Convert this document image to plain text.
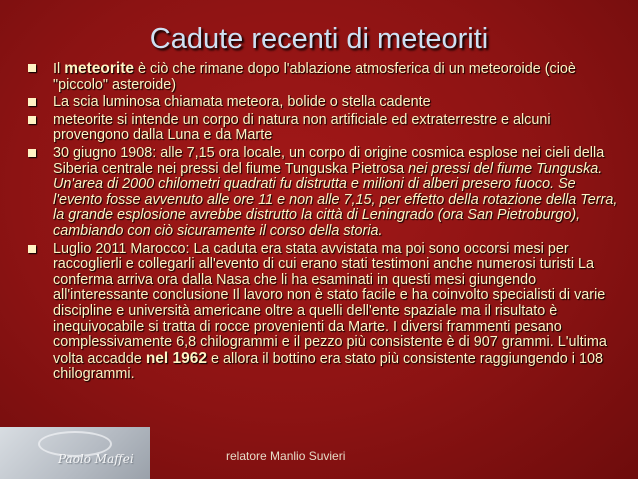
Cadute recenti di meteoriti
Il meteorite è ciò che rimane dopo l'ablazione atmosferica di un meteoroide (cioè "piccolo" asteroide)
La scia luminosa chiamata meteora, bolide o stella cadente
meteorite si intende un corpo di natura non artificiale ed extraterrestre e alcuni provengono dalla Luna e da Marte
30 giugno 1908: alle 7,15 ora locale, un corpo di origine cosmica esplose nei cieli della Siberia centrale nei pressi del fiume Tunguska Pietrosa nei pressi del fiume Tunguska. Un'area di 2000 chilometri quadrati fu distrutta e milioni di alberi presero fuoco. Se l'evento fosse avvenuto alle ore 11 e non alle 7,15, per effetto della rotazione della Terra, la grande esplosione avrebbe distrutto la città di Leningrado (ora San Pietroburgo), cambiando con ciò sicuramente il corso della storia.
Luglio 2011 Marocco: La caduta era stata avvistata ma poi sono occorsi mesi per raccoglierli e collegarli all'evento di cui erano stati testimoni anche numerosi turisti La conferma arriva ora dalla Nasa che li ha esaminati in questi mesi giungendo all'interessante conclusione Il lavoro non è stato facile e ha coinvolto specialisti di varie discipline e università americane oltre a quelli dell'ente spaziale ma il risultato è inequivocabile si tratta di rocce provenienti da Marte. I diversi frammenti pesano complessivamente 6,8 chilogrammi e il pezzo più consistente è di 907 grammi. L'ultima volta accadde nel 1962 e allora il bottino era stato più consistente raggiungendo i 108 chilogrammi.
Paolo Maffei	relatore Manlio Suvieri
